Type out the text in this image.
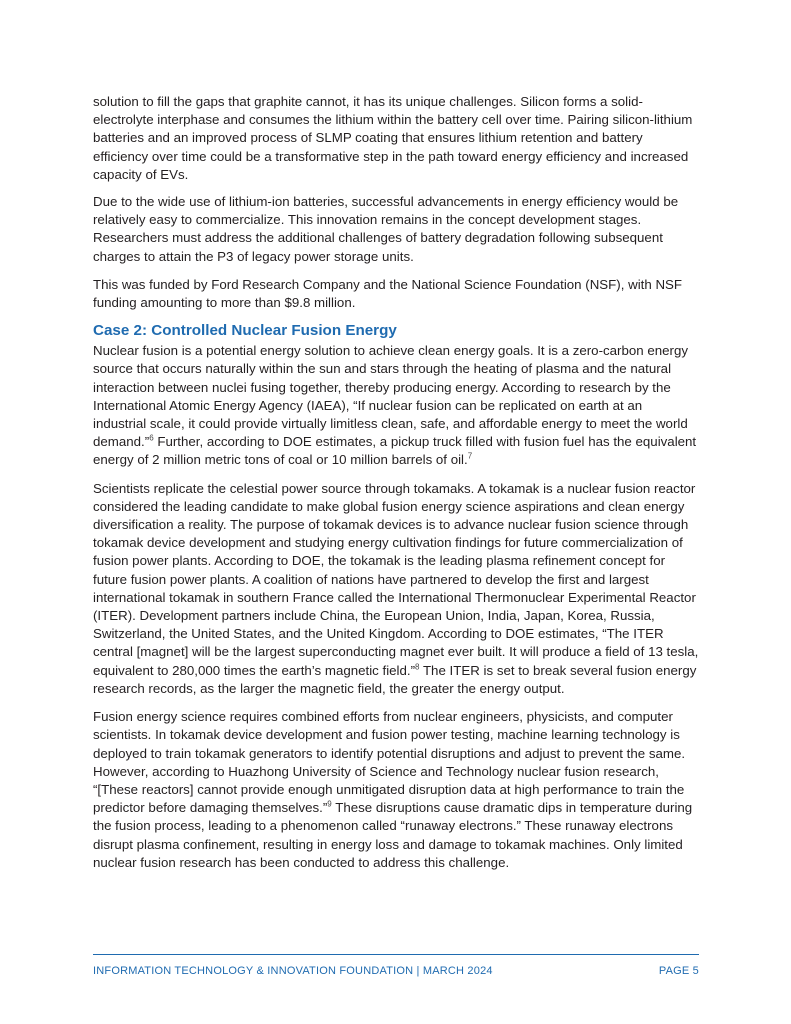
solution to fill the gaps that graphite cannot, it has its unique challenges. Silicon forms a solid-electrolyte interphase and consumes the lithium within the battery cell over time. Pairing silicon-lithium batteries and an improved process of SLMP coating that ensures lithium retention and battery efficiency over time could be a transformative step in the path toward energy efficiency and increased capacity of EVs.

Due to the wide use of lithium-ion batteries, successful advancements in energy efficiency would be relatively easy to commercialize. This innovation remains in the concept development stages. Researchers must address the additional challenges of battery degradation following subsequent charges to attain the P3 of legacy power storage units.

This was funded by Ford Research Company and the National Science Foundation (NSF), with NSF funding amounting to more than $9.8 million.

Case 2: Controlled Nuclear Fusion Energy

Nuclear fusion is a potential energy solution to achieve clean energy goals. It is a zero-carbon energy source that occurs naturally within the sun and stars through the heating of plasma and the natural interaction between nuclei fusing together, thereby producing energy. According to research by the International Atomic Energy Agency (IAEA), “If nuclear fusion can be replicated on earth at an industrial scale, it could provide virtually limitless clean, safe, and affordable energy to meet the world demand.”$^6$ Further, according to DOE estimates, a pickup truck filled with fusion fuel has the equivalent energy of 2 million metric tons of coal or 10 million barrels of oil.$^7$

Scientists replicate the celestial power source through tokamaks. A tokamak is a nuclear fusion reactor considered the leading candidate to make global fusion energy science aspirations and clean energy diversification a reality. The purpose of tokamak devices is to advance nuclear fusion science through tokamak device development and studying energy cultivation findings for future commercialization of fusion power plants. According to DOE, the tokamak is the leading plasma refinement concept for future fusion power plants. A coalition of nations have partnered to develop the first and largest international tokamak in southern France called the International Thermonuclear Experimental Reactor (ITER). Development partners include China, the European Union, India, Japan, Korea, Russia, Switzerland, the United States, and the United Kingdom. According to DOE estimates, “The ITER central [magnet] will be the largest superconducting magnet ever built. It will produce a field of 13 tesla, equivalent to 280,000 times the earth’s magnetic field.”$^8$ The ITER is set to break several fusion energy research records, as the larger the magnetic field, the greater the energy output.

Fusion energy science requires combined efforts from nuclear engineers, physicists, and computer scientists. In tokamak device development and fusion power testing, machine learning technology is deployed to train tokamak generators to identify potential disruptions and adjust to prevent the same. However, according to Huazhong University of Science and Technology nuclear fusion research, “[These reactors] cannot provide enough unmitigated disruption data at high performance to train the predictor before damaging themselves.”$^9$ These disruptions cause dramatic dips in temperature during the fusion process, leading to a phenomenon called “runaway electrons.” These runaway electrons disrupt plasma confinement, resulting in energy loss and damage to tokamak machines. Only limited nuclear fusion research has been conducted to address this challenge.

INFORMATION TECHNOLOGY & INNOVATION FOUNDATION | MARCH 2024	PAGE 5
